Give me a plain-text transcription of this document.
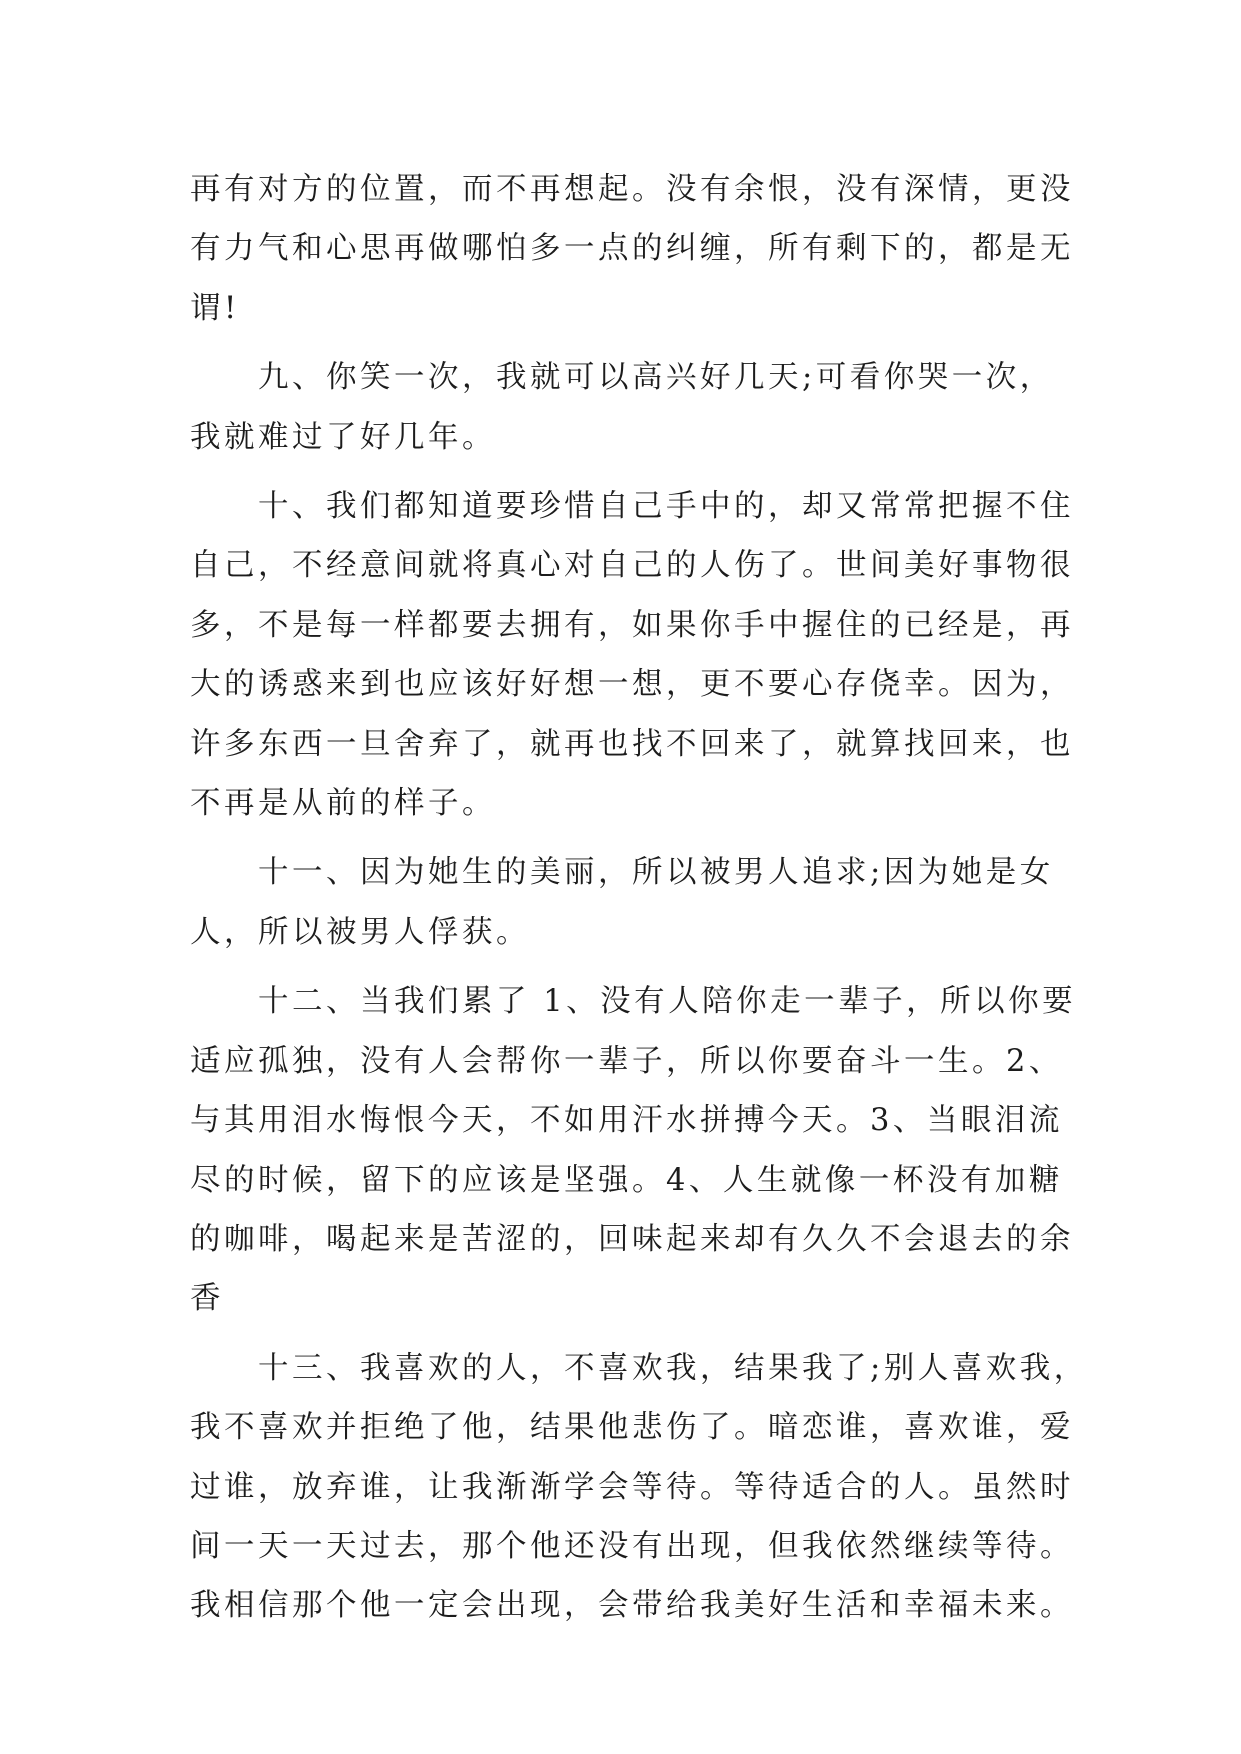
再有对方的位置，而不再想起。没有余恨，没有深情，更没
有力气和心思再做哪怕多一点的纠缠，所有剩下的，都是无
谓!
九、你笑一次，我就可以高兴好几天;可看你哭一次，
我就难过了好几年。
十、我们都知道要珍惜自己手中的，却又常常把握不住
自己，不经意间就将真心对自己的人伤了。世间美好事物很
多，不是每一样都要去拥有，如果你手中握住的已经是，再
大的诱惑来到也应该好好想一想，更不要心存侥幸。因为，
许多东西一旦舍弃了，就再也找不回来了，就算找回来，也
不再是从前的样子。
十一、因为她生的美丽，所以被男人追求;因为她是女
人，所以被男人俘获。
十二、当我们累了 1、没有人陪你走一辈子，所以你要
适应孤独，没有人会帮你一辈子，所以你要奋斗一生。2、
与其用泪水悔恨今天，不如用汗水拼搏今天。3、当眼泪流
尽的时候，留下的应该是坚强。4、人生就像一杯没有加糖
的咖啡，喝起来是苦涩的，回味起来却有久久不会退去的余
香
十三、我喜欢的人，不喜欢我，结果我了;别人喜欢我，
我不喜欢并拒绝了他，结果他悲伤了。暗恋谁，喜欢谁，爱
过谁，放弃谁，让我渐渐学会等待。等待适合的人。虽然时
间一天一天过去，那个他还没有出现，但我依然继续等待。
我相信那个他一定会出现，会带给我美好生活和幸福未来。
